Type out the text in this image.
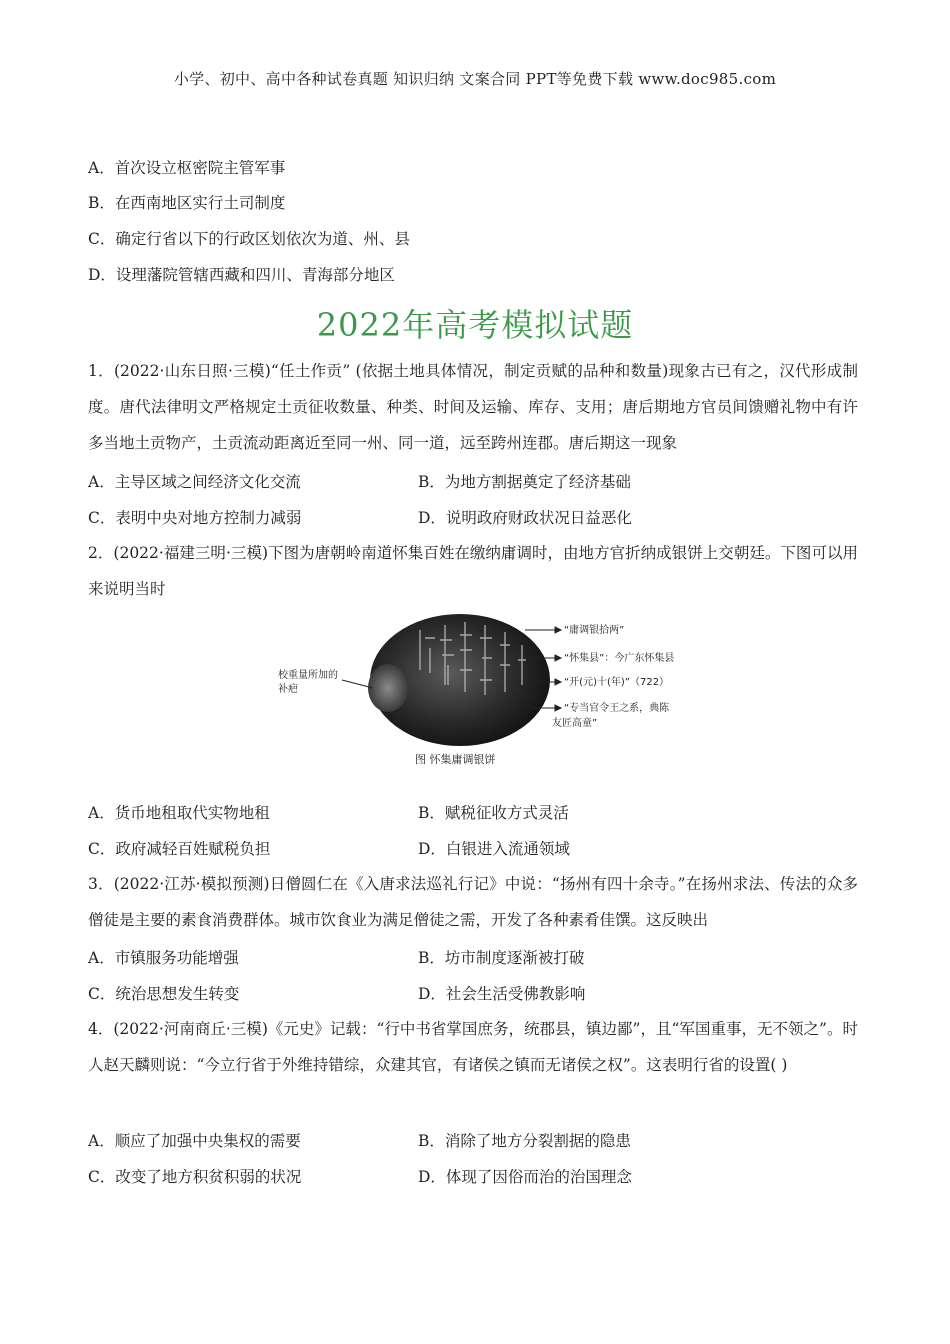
小学、初中、高中各种试卷真题 知识归纳 文案合同 PPT等免费下载 www.doc985.com
A．首次设立枢密院主管军事
B．在西南地区实行土司制度
C．确定行省以下的行政区划依次为道、州、县
D．设理藩院管辖西藏和四川、青海部分地区
2022年高考模拟试题
1．(2022·山东日照·三模)“任土作贡” (依据土地具体情况，制定贡赋的品种和数量)现象古已有之，汉代形成制度。唐代法律明文严格规定土贡征收数量、种类、时间及运输、库存、支用；唐后期地方官员间馈赠礼物中有许多当地土贡物产，土贡流动距离近至同一州、同一道，远至跨州连郡。唐后期这一现象
A．主导区域之间经济文化交流	B．为地方割据奠定了经济基础
C．表明中央对地方控制力减弱	D．说明政府财政状况日益恶化
2．(2022·福建三明·三模)下图为唐朝岭南道怀集百姓在缴纳庸调时，由地方官折纳成银饼上交朝廷。下图可以用来说明当时
校重量所加的
补疤
“庸调银拾两”
“怀集县”：今广东怀集县
“开(元)十(年)”（722）
“专当官令王之系，典陈
友匠高童”
图 怀集庸调银饼
A．货币地租取代实物地租	B．赋税征收方式灵活
C．政府减轻百姓赋税负担	D．白银进入流通领域
3．(2022·江苏·模拟预测)日僧圆仁在《入唐求法巡礼行记》中说：“扬州有四十余寺。”在扬州求法、传法的众多僧徒是主要的素食消费群体。城市饮食业为满足僧徒之需，开发了各种素肴佳馔。这反映出
A．市镇服务功能增强	B．坊市制度逐渐被打破
C．统治思想发生转变	D．社会生活受佛教影响
4．(2022·河南商丘·三模)《元史》记载：“行中书省掌国庶务，统郡县，镇边鄙”，且“军国重事，无不领之”。时人赵天麟则说：“今立行省于外维持错综，众建其官，有诸侯之镇而无诸侯之权”。这表明行省的设置( )
A．顺应了加强中央集权的需要	B．消除了地方分裂割据的隐患
C．改变了地方积贫积弱的状况	D．体现了因俗而治的治国理念
